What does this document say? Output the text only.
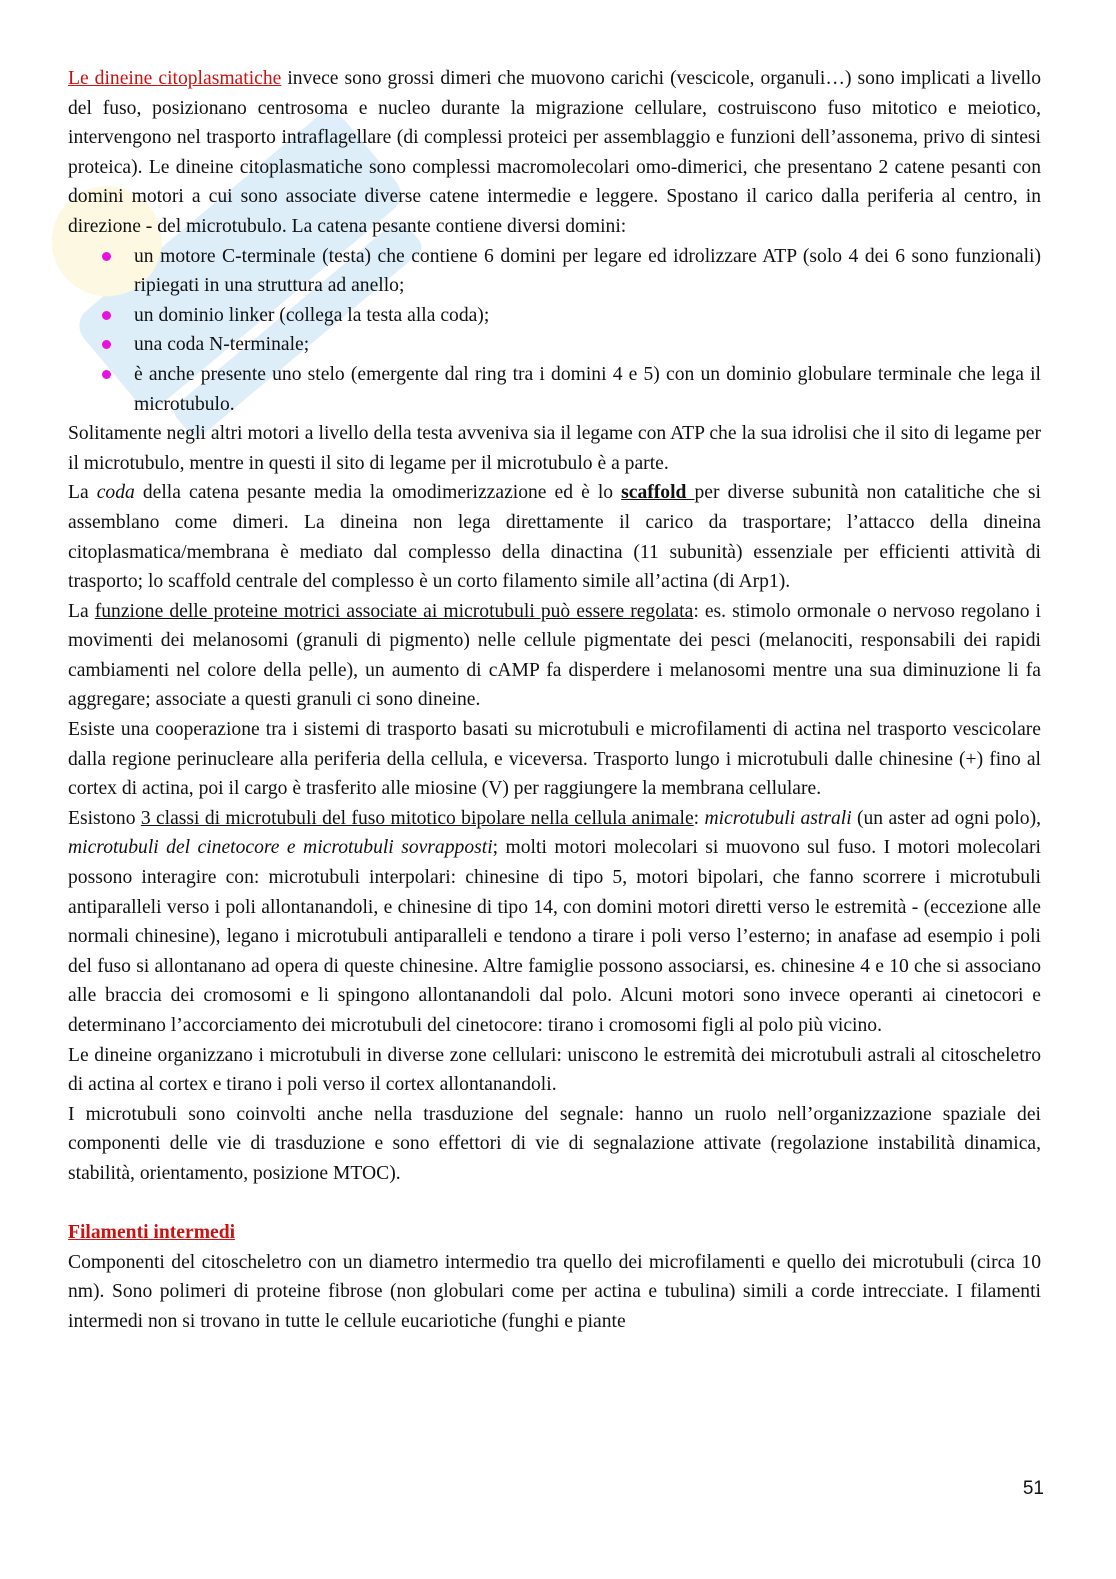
Le dineine citoplasmatiche invece sono grossi dimeri che muovono carichi (vescicole, organuli…) sono implicati a livello del fuso, posizionano centrosoma e nucleo durante la migrazione cellulare, costruiscono fuso mitotico e meiotico, intervengono nel trasporto intraflagellare (di complessi proteici per assemblaggio e funzioni dell’assonema, privo di sintesi proteica). Le dineine citoplasmatiche sono complessi macromolecolari omo-dimerici, che presentano 2 catene pesanti con domini motori a cui sono associate diverse catene intermedie e leggere. Spostano il carico dalla periferia al centro, in direzione - del microtubulo. La catena pesante contiene diversi domini:

un motore C-terminale (testa) che contiene 6 domini per legare ed idrolizzare ATP (solo 4 dei 6 sono funzionali) ripiegati in una struttura ad anello;
un dominio linker (collega la testa alla coda);
una coda N-terminale;
è anche presente uno stelo (emergente dal ring tra i domini 4 e 5) con un dominio globulare terminale che lega il microtubulo.

Solitamente negli altri motori a livello della testa avveniva sia il legame con ATP che la sua idrolisi che il sito di legame per il microtubulo, mentre in questi il sito di legame per il microtubulo è a parte.

La coda della catena pesante media la omodimerizzazione ed è lo scaffold per diverse subunità non catalitiche che si assemblano come dimeri. La dineina non lega direttamente il carico da trasportare; l’attacco della dineina citoplasmatica/membrana è mediato dal complesso della dinactina (11 subunità) essenziale per efficienti attività di trasporto; lo scaffold centrale del complesso è un corto filamento simile all’actina (di Arp1).

La funzione delle proteine motrici associate ai microtubuli può essere regolata: es. stimolo ormonale o nervoso regolano i movimenti dei melanosomi (granuli di pigmento) nelle cellule pigmentate dei pesci (melanociti, responsabili dei rapidi cambiamenti nel colore della pelle), un aumento di cAMP fa disperdere i melanosomi mentre una sua diminuzione li fa aggregare; associate a questi granuli ci sono dineine.

Esiste una cooperazione tra i sistemi di trasporto basati su microtubuli e microfilamenti di actina nel trasporto vescicolare dalla regione perinucleare alla periferia della cellula, e viceversa. Trasporto lungo i microtubuli dalle chinesine (+) fino al cortex di actina, poi il cargo è trasferito alle miosine (V) per raggiungere la membrana cellulare.

Esistono 3 classi di microtubuli del fuso mitotico bipolare nella cellula animale: microtubuli astrali (un aster ad ogni polo), microtubuli del cinetocore e microtubuli sovrapposti; molti motori molecolari si muovono sul fuso. I motori molecolari possono interagire con: microtubuli interpolari: chinesine di tipo 5, motori bipolari, che fanno scorrere i microtubuli antiparalleli verso i poli allontanandoli, e chinesine di tipo 14, con domini motori diretti verso le estremità - (eccezione alle normali chinesine), legano i microtubuli antiparalleli e tendono a tirare i poli verso l’esterno; in anafase ad esempio i poli del fuso si allontanano ad opera di queste chinesine. Altre famiglie possono associarsi, es. chinesine 4 e 10 che si associano alle braccia dei cromosomi e li spingono allontanandoli dal polo. Alcuni motori sono invece operanti ai cinetocori e determinano l’accorciamento dei microtubuli del cinetocore: tirano i cromosomi figli al polo più vicino.

Le dineine organizzano i microtubuli in diverse zone cellulari: uniscono le estremità dei microtubuli astrali al citoscheletro di actina al cortex e tirano i poli verso il cortex allontanandoli.

I microtubuli sono coinvolti anche nella trasduzione del segnale: hanno un ruolo nell’organizzazione spaziale dei componenti delle vie di trasduzione e sono effettori di vie di segnalazione attivate (regolazione instabilità dinamica, stabilità, orientamento, posizione MTOC).

Filamenti intermedi

Componenti del citoscheletro con un diametro intermedio tra quello dei microfilamenti e quello dei microtubuli (circa 10 nm). Sono polimeri di proteine fibrose (non globulari come per actina e tubulina) simili a corde intrecciate. I filamenti intermedi non si trovano in tutte le cellule eucariotiche (funghi e piante

51
